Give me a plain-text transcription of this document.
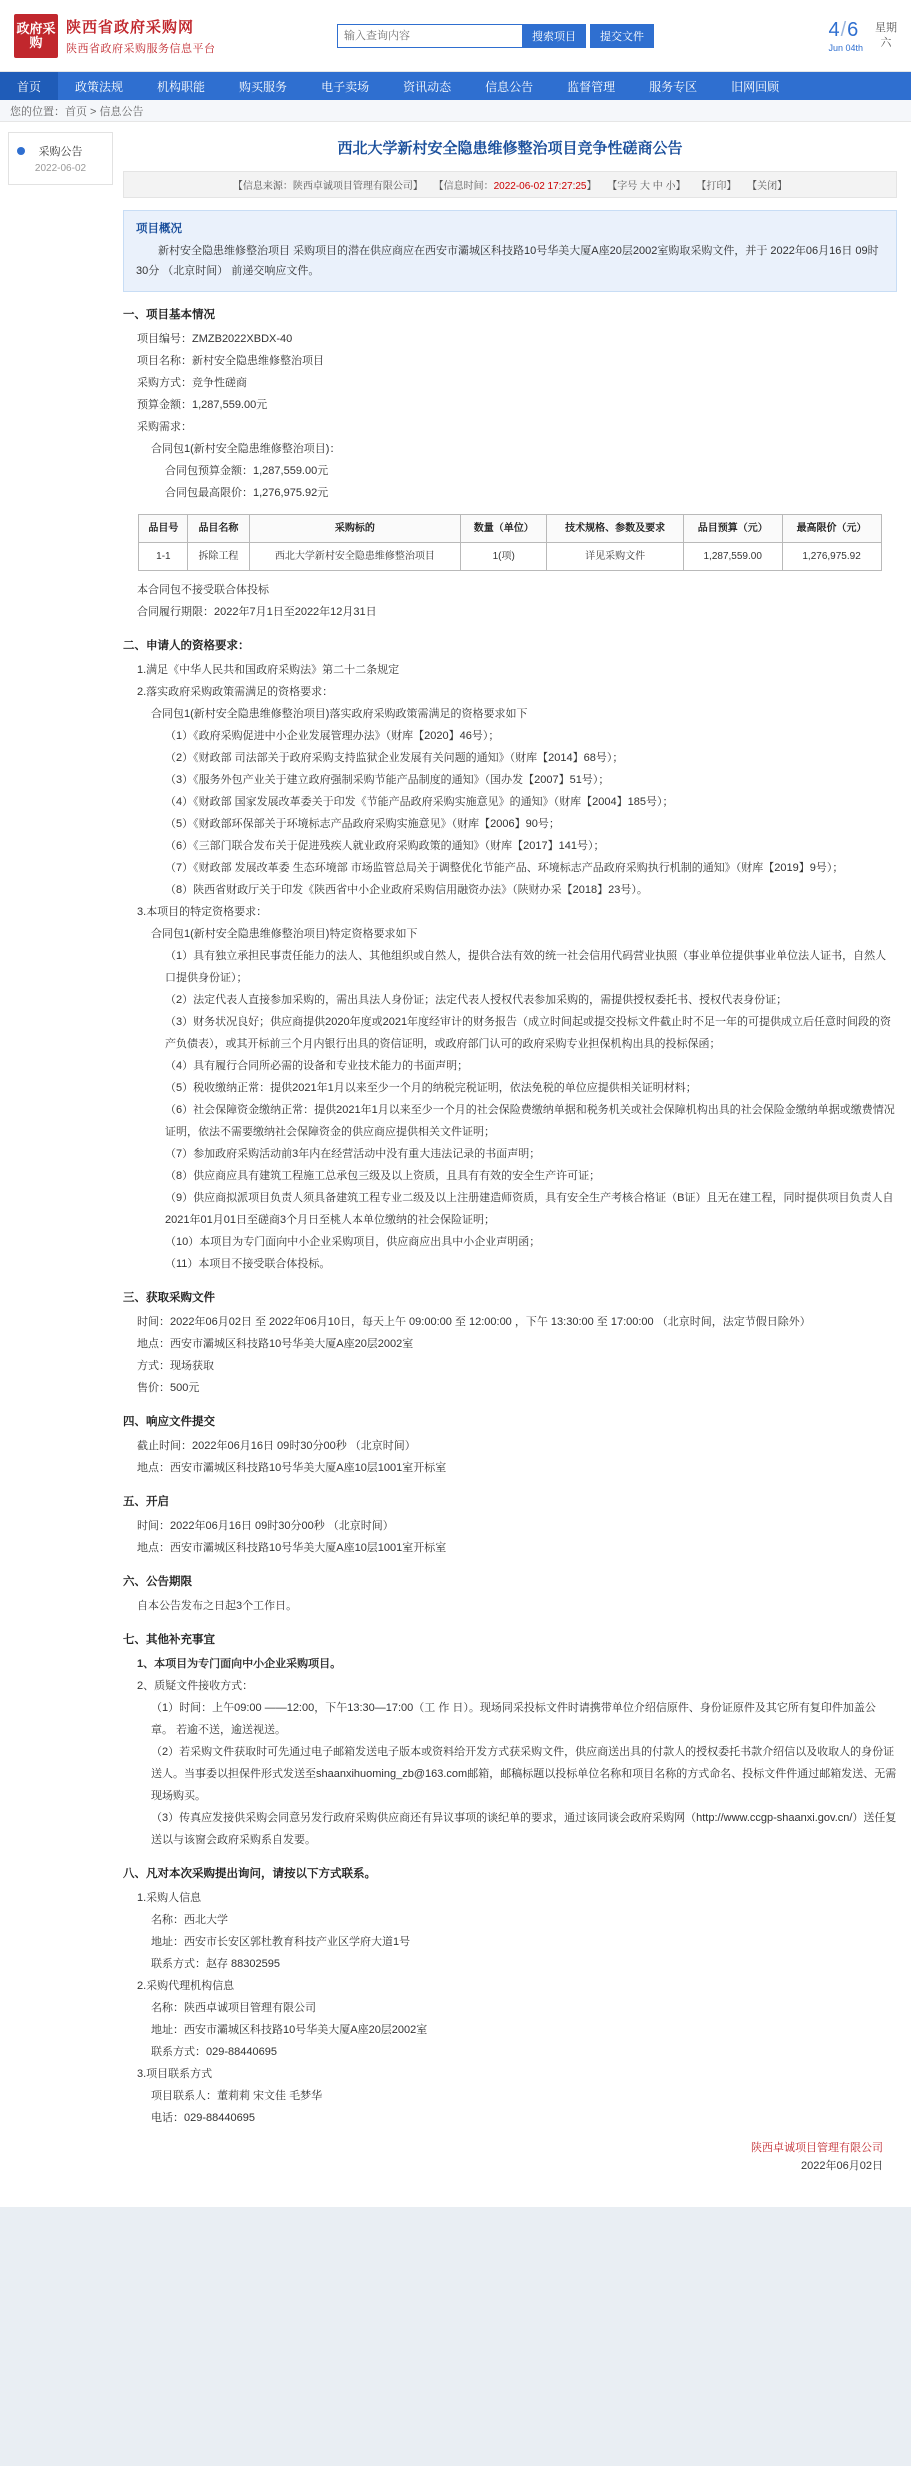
政府采购
陕西省政府采购网
陕西省政府采购服务信息平台
输入查询内容
搜索项目	提交文件	4/6
Jun 04th
星期
六
首页	政策法规	机构职能	购买服务	电子卖场	资讯动态	信息公告	监督管理	服务专区	旧网回顾
您的位置： 首页 > 信息公告
采购公告
2022-06-02
西北大学新村安全隐患维修整治项目竞争性磋商公告
【信息来源：陕西卓诚项目管理有限公司】 【信息时间：2022-06-02 17:27:25】 【字号 大 中 小】 【打印】 【关闭】
项目概况

新村安全隐患维修整治项目 采购项目的潜在供应商应在西安市灞城区科技路10号华美大厦A座20层2002室购取采购文件，并于 2022年06月16日 09时30分 （北京时间） 前递交响应文件。

一、项目基本情况
项目编号：ZMZB2022XBDX-40
项目名称：新村安全隐患维修整治项目
采购方式：竞争性磋商
预算金额：1,287,559.00元
采购需求：
合同包1(新村安全隐患维修整治项目)：
合同包预算金额：1,287,559.00元
合同包最高限价：1,276,975.92元
品目号	品目名称	采购标的	数量（单位）	技术规格、参数及要求	品目预算（元）	最高限价（元）
1-1	拆除工程	西北大学新村安全隐患维修整治项目	1(项)	详见采购文件	1,287,559.00	1,276,975.92
本合同包不接受联合体投标
合同履行期限：2022年7月1日至2022年12月31日
二、申请人的资格要求：
1.满足《中华人民共和国政府采购法》第二十二条规定
2.落实政府采购政策需满足的资格要求：
合同包1(新村安全隐患维修整治项目)落实政府采购政策需满足的资格要求如下
（1）《政府采购促进中小企业发展管理办法》（财库【2020】46号）；
（2）《财政部 司法部关于政府采购支持监狱企业发展有关问题的通知》（财库【2014】68号）；
（3）《服务外包产业关于建立政府强制采购节能产品制度的通知》（国办发【2007】51号）；
（4）《财政部 国家发展改革委关于印发《节能产品政府采购实施意见》的通知》（财库【2004】185号）；
（5）《财政部环保部关于环境标志产品政府采购实施意见》（财库【2006】90号；
（6）《三部门联合发布关于促进残疾人就业政府采购政策的通知》（财库【2017】141号）；
（7）《财政部 发展改革委 生态环境部 市场监管总局关于调整优化节能产品、环境标志产品政府采购执行机制的通知》（财库【2019】9号）；
（8）陕西省财政厅关于印发《陕西省中小企业政府采购信用融资办法》（陕财办采【2018】23号）。
3.本项目的特定资格要求：
合同包1(新村安全隐患维修整治项目)特定资格要求如下
（1）具有独立承担民事责任能力的法人、其他组织或自然人，提供合法有效的统一社会信用代码营业执照（事业单位提供事业单位法人证书，自然人口提供身份证）；
（2）法定代表人直接参加采购的，需出具法人身份证；法定代表人授权代表参加采购的，需提供授权委托书、授权代表身份证；
（3）财务状况良好；供应商提供2020年度或2021年度经审计的财务报告（成立时间起或提交投标文件截止时不足一年的可提供成立后任意时间段的资产负债表），或其开标前三个月内银行出具的资信证明，或政府部门认可的政府采购专业担保机构出具的投标保函；
（4）具有履行合同所必需的设备和专业技术能力的书面声明；
（5）税收缴纳正常：提供2021年1月以来至少一个月的纳税完税证明，依法免税的单位应提供相关证明材料；
（6）社会保障资金缴纳正常：提供2021年1月以来至少一个月的社会保险费缴纳单据和税务机关或社会保障机构出具的社会保险金缴纳单据或缴费情况证明，依法不需要缴纳社会保障资金的供应商应提供相关文件证明；
（7）参加政府采购活动前3年内在经营活动中没有重大违法记录的书面声明；
（8）供应商应具有建筑工程施工总承包三级及以上资质，且具有有效的安全生产许可证；
（9）供应商拟派项目负责人须具备建筑工程专业二级及以上注册建造师资质，具有安全生产考核合格证（B证）且无在建工程，同时提供项目负责人自2021年01月01日至磋商3个月日至桃人本单位缴纳的社会保险证明；
（10）本项目为专门面向中小企业采购项目，供应商应出具中小企业声明函；
（11）本项目不接受联合体投标。
三、获取采购文件
时间：2022年06月02日 至 2022年06月10日，每天上午 09:00:00 至 12:00:00 ，下午 13:30:00 至 17:00:00 （北京时间，法定节假日除外）
地点：西安市灞城区科技路10号华美大厦A座20层2002室
方式：现场获取
售价：500元
四、响应文件提交
截止时间：2022年06月16日 09时30分00秒 （北京时间）
地点：西安市灞城区科技路10号华美大厦A座10层1001室开标室
五、开启
时间：2022年06月16日 09时30分00秒 （北京时间）
地点：西安市灞城区科技路10号华美大厦A座10层1001室开标室
六、公告期限
自本公告发布之日起3个工作日。
七、其他补充事宜
1、本项目为专门面向中小企业采购项目。
2、质疑文件接收方式：
（1）时间：上午09:00 ——12:00，下午13:30—17:00（工 作 日）。现场同采投标文件时请携带单位介绍信原件、身份证原件及其它所有复印件加盖公章。 若逾不送，逾送视送。
（2）若采购文件获取时可先通过电子邮箱发送电子版本或资料给开发方式获采购文件，供应商送出具的付款人的授权委托书款介绍信以及收取人的身份证 送人。当事委以担保件形式发送至shaanxihuoming_zb@163.com邮箱，邮稿标题以投标单位名称和项目名称的方式命名、投标文件件通过邮箱发送、无需现场购买。
（3）传真应发接供采购会同意另发行政府采购供应商还有异议事项的谈纪单的要求，通过该同谈会政府采购网（http://www.ccgp-shaanxi.gov.cn/）送任复送以与该窗会政府采购系自发要。
八、凡对本次采购提出询问，请按以下方式联系。
1.采购人信息
名称：西北大学
地址：西安市长安区郭杜教育科技产业区学府大道1号
联系方式：赵存 88302595
2.采购代理机构信息
名称：陕西卓诚项目管理有限公司
地址：西安市灞城区科技路10号华美大厦A座20层2002室
联系方式：029-88440695
3.项目联系方式
项目联系人：董莉莉 宋文佳 毛梦华
电话：029-88440695
陕西卓诚项目管理有限公司
2022年06月02日
